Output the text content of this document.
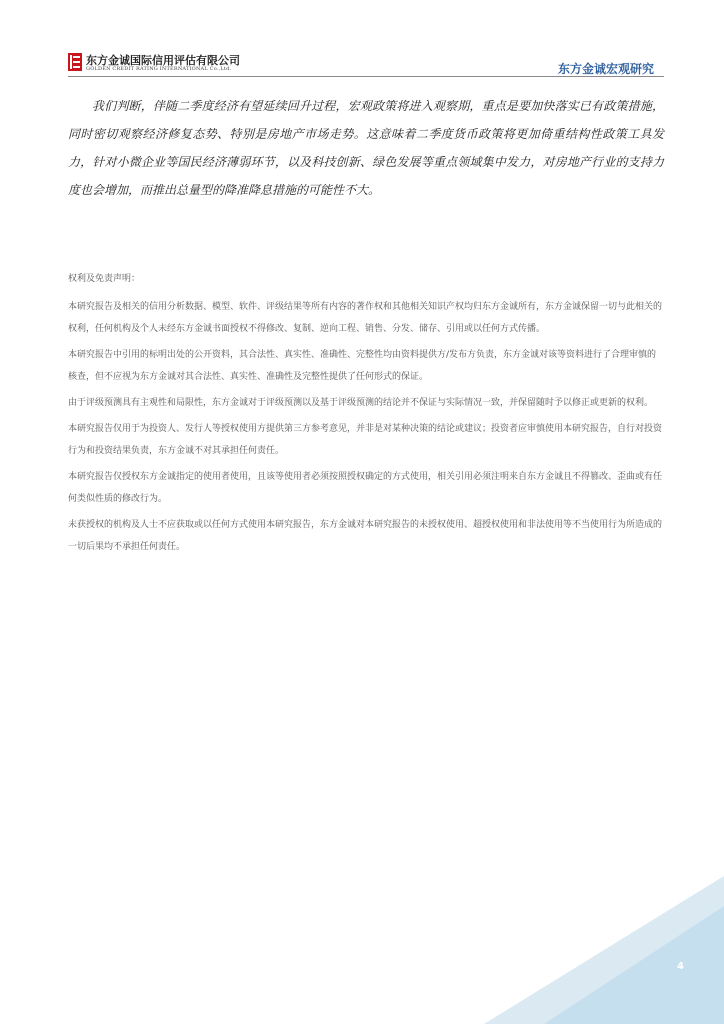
东方金诚国际信用评估有限公司
GOLDEN CREDIT RATING INTERNATIONAL Co.,Ltd.	东方金诚宏观研究
我们判断，伴随二季度经济有望延续回升过程，宏观政策将进入观察期，重点是要加快落实已有政策措施，同时密切观察经济修复态势、特别是房地产市场走势。这意味着二季度货币政策将更加倚重结构性政策工具发力，针对小微企业等国民经济薄弱环节，以及科技创新、绿色发展等重点领域集中发力，对房地产行业的支持力度也会增加，而推出总量型的降准降息措施的可能性不大。

权利及免责声明：

本研究报告及相关的信用分析数据、模型、软件、评级结果等所有内容的著作权和其他相关知识产权均归东方金诚所有，东方金诚保留一切与此相关的权利，任何机构及个人未经东方金诚书面授权不得修改、复制、逆向工程、销售、分发、储存、引用或以任何方式传播。

本研究报告中引用的标明出处的公开资料，其合法性、真实性、准确性、完整性均由资料提供方/发布方负责，东方金诚对该等资料进行了合理审慎的核查，但不应视为东方金诚对其合法性、真实性、准确性及完整性提供了任何形式的保证。

由于评级预测具有主观性和局限性，东方金诚对于评级预测以及基于评级预测的结论并不保证与实际情况一致，并保留随时予以修正或更新的权利。

本研究报告仅用于为投资人、发行人等授权使用方提供第三方参考意见，并非是对某种决策的结论或建议；投资者应审慎使用本研究报告，自行对投资行为和投资结果负责，东方金诚不对其承担任何责任。

本研究报告仅授权东方金诚指定的使用者使用，且该等使用者必须按照授权确定的方式使用，相关引用必须注明来自东方金诚且不得篡改、歪曲或有任何类似性质的修改行为。

未获授权的机构及人士不应获取或以任何方式使用本研究报告，东方金诚对本研究报告的未授权使用、超授权使用和非法使用等不当使用行为所造成的一切后果均不承担任何责任。

4
